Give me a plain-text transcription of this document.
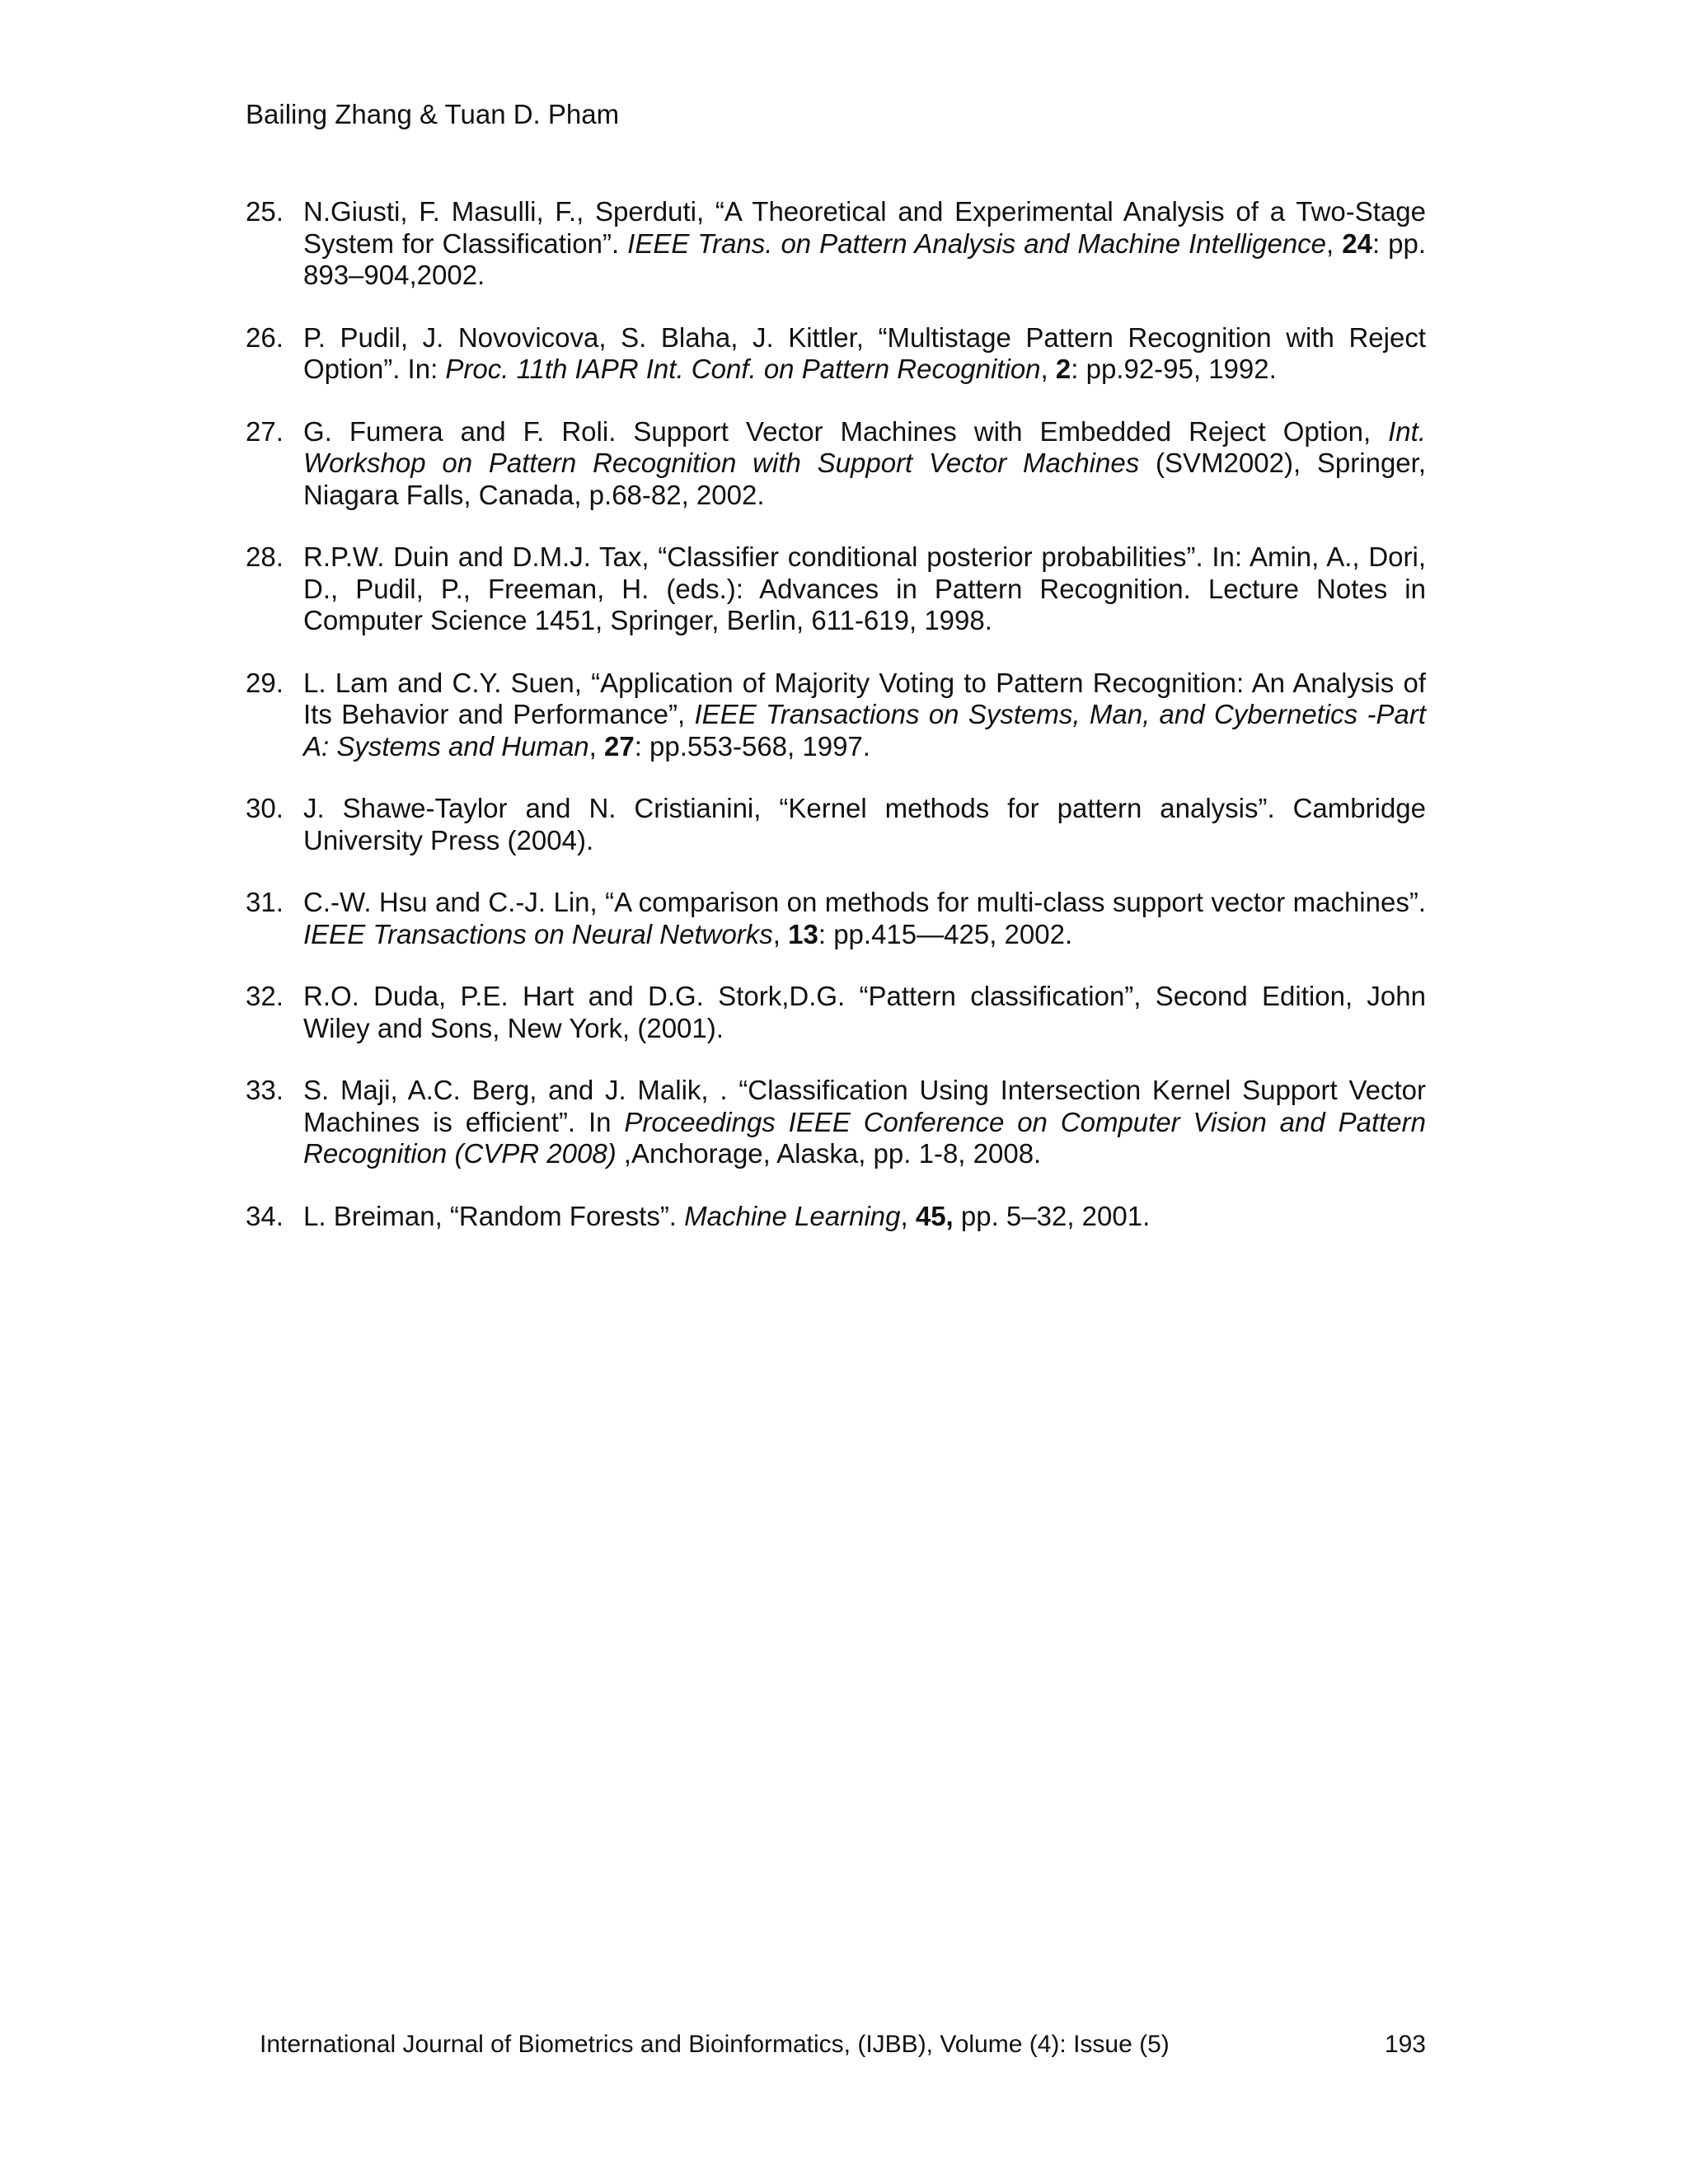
Bailing Zhang & Tuan D. Pham
25. N.Giusti, F. Masulli, F., Sperduti, “A Theoretical and Experimental Analysis of a Two-Stage System for Classification”. IEEE Trans. on Pattern Analysis and Machine Intelligence, 24: pp. 893–904,2002.
26. P. Pudil, J. Novovicova, S. Blaha, J. Kittler, “Multistage Pattern Recognition with Reject Option”. In: Proc. 11th IAPR Int. Conf. on Pattern Recognition, 2: pp.92-95, 1992.
27. G. Fumera and F. Roli. Support Vector Machines with Embedded Reject Option, Int. Workshop on Pattern Recognition with Support Vector Machines (SVM2002), Springer, Niagara Falls, Canada, p.68-82, 2002.
28. R.P.W. Duin and D.M.J. Tax, “Classifier conditional posterior probabilities”. In: Amin, A., Dori, D., Pudil, P., Freeman, H. (eds.): Advances in Pattern Recognition. Lecture Notes in Computer Science 1451, Springer, Berlin, 611-619, 1998.
29. L. Lam and C.Y. Suen, “Application of Majority Voting to Pattern Recognition: An Analysis of Its Behavior and Performance”, IEEE Transactions on Systems, Man, and Cybernetics -Part A: Systems and Human, 27: pp.553-568, 1997.
30. J. Shawe-Taylor and N. Cristianini, “Kernel methods for pattern analysis”. Cambridge University Press (2004).
31. C.-W. Hsu and C.-J. Lin, “A comparison on methods for multi-class support vector machines”. IEEE Transactions on Neural Networks, 13: pp.415—425, 2002.
32. R.O. Duda, P.E. Hart and D.G. Stork,D.G. “Pattern classification”, Second Edition, John Wiley and Sons, New York, (2001).
33. S. Maji, A.C. Berg, and J. Malik, . “Classification Using Intersection Kernel Support Vector Machines is efficient”. In Proceedings IEEE Conference on Computer Vision and Pattern Recognition (CVPR 2008) ,Anchorage, Alaska, pp. 1-8, 2008.
34. L. Breiman, “Random Forests”. Machine Learning, 45, pp. 5–32, 2001.
International Journal of Biometrics and Bioinformatics, (IJBB), Volume (4): Issue (5)	193
